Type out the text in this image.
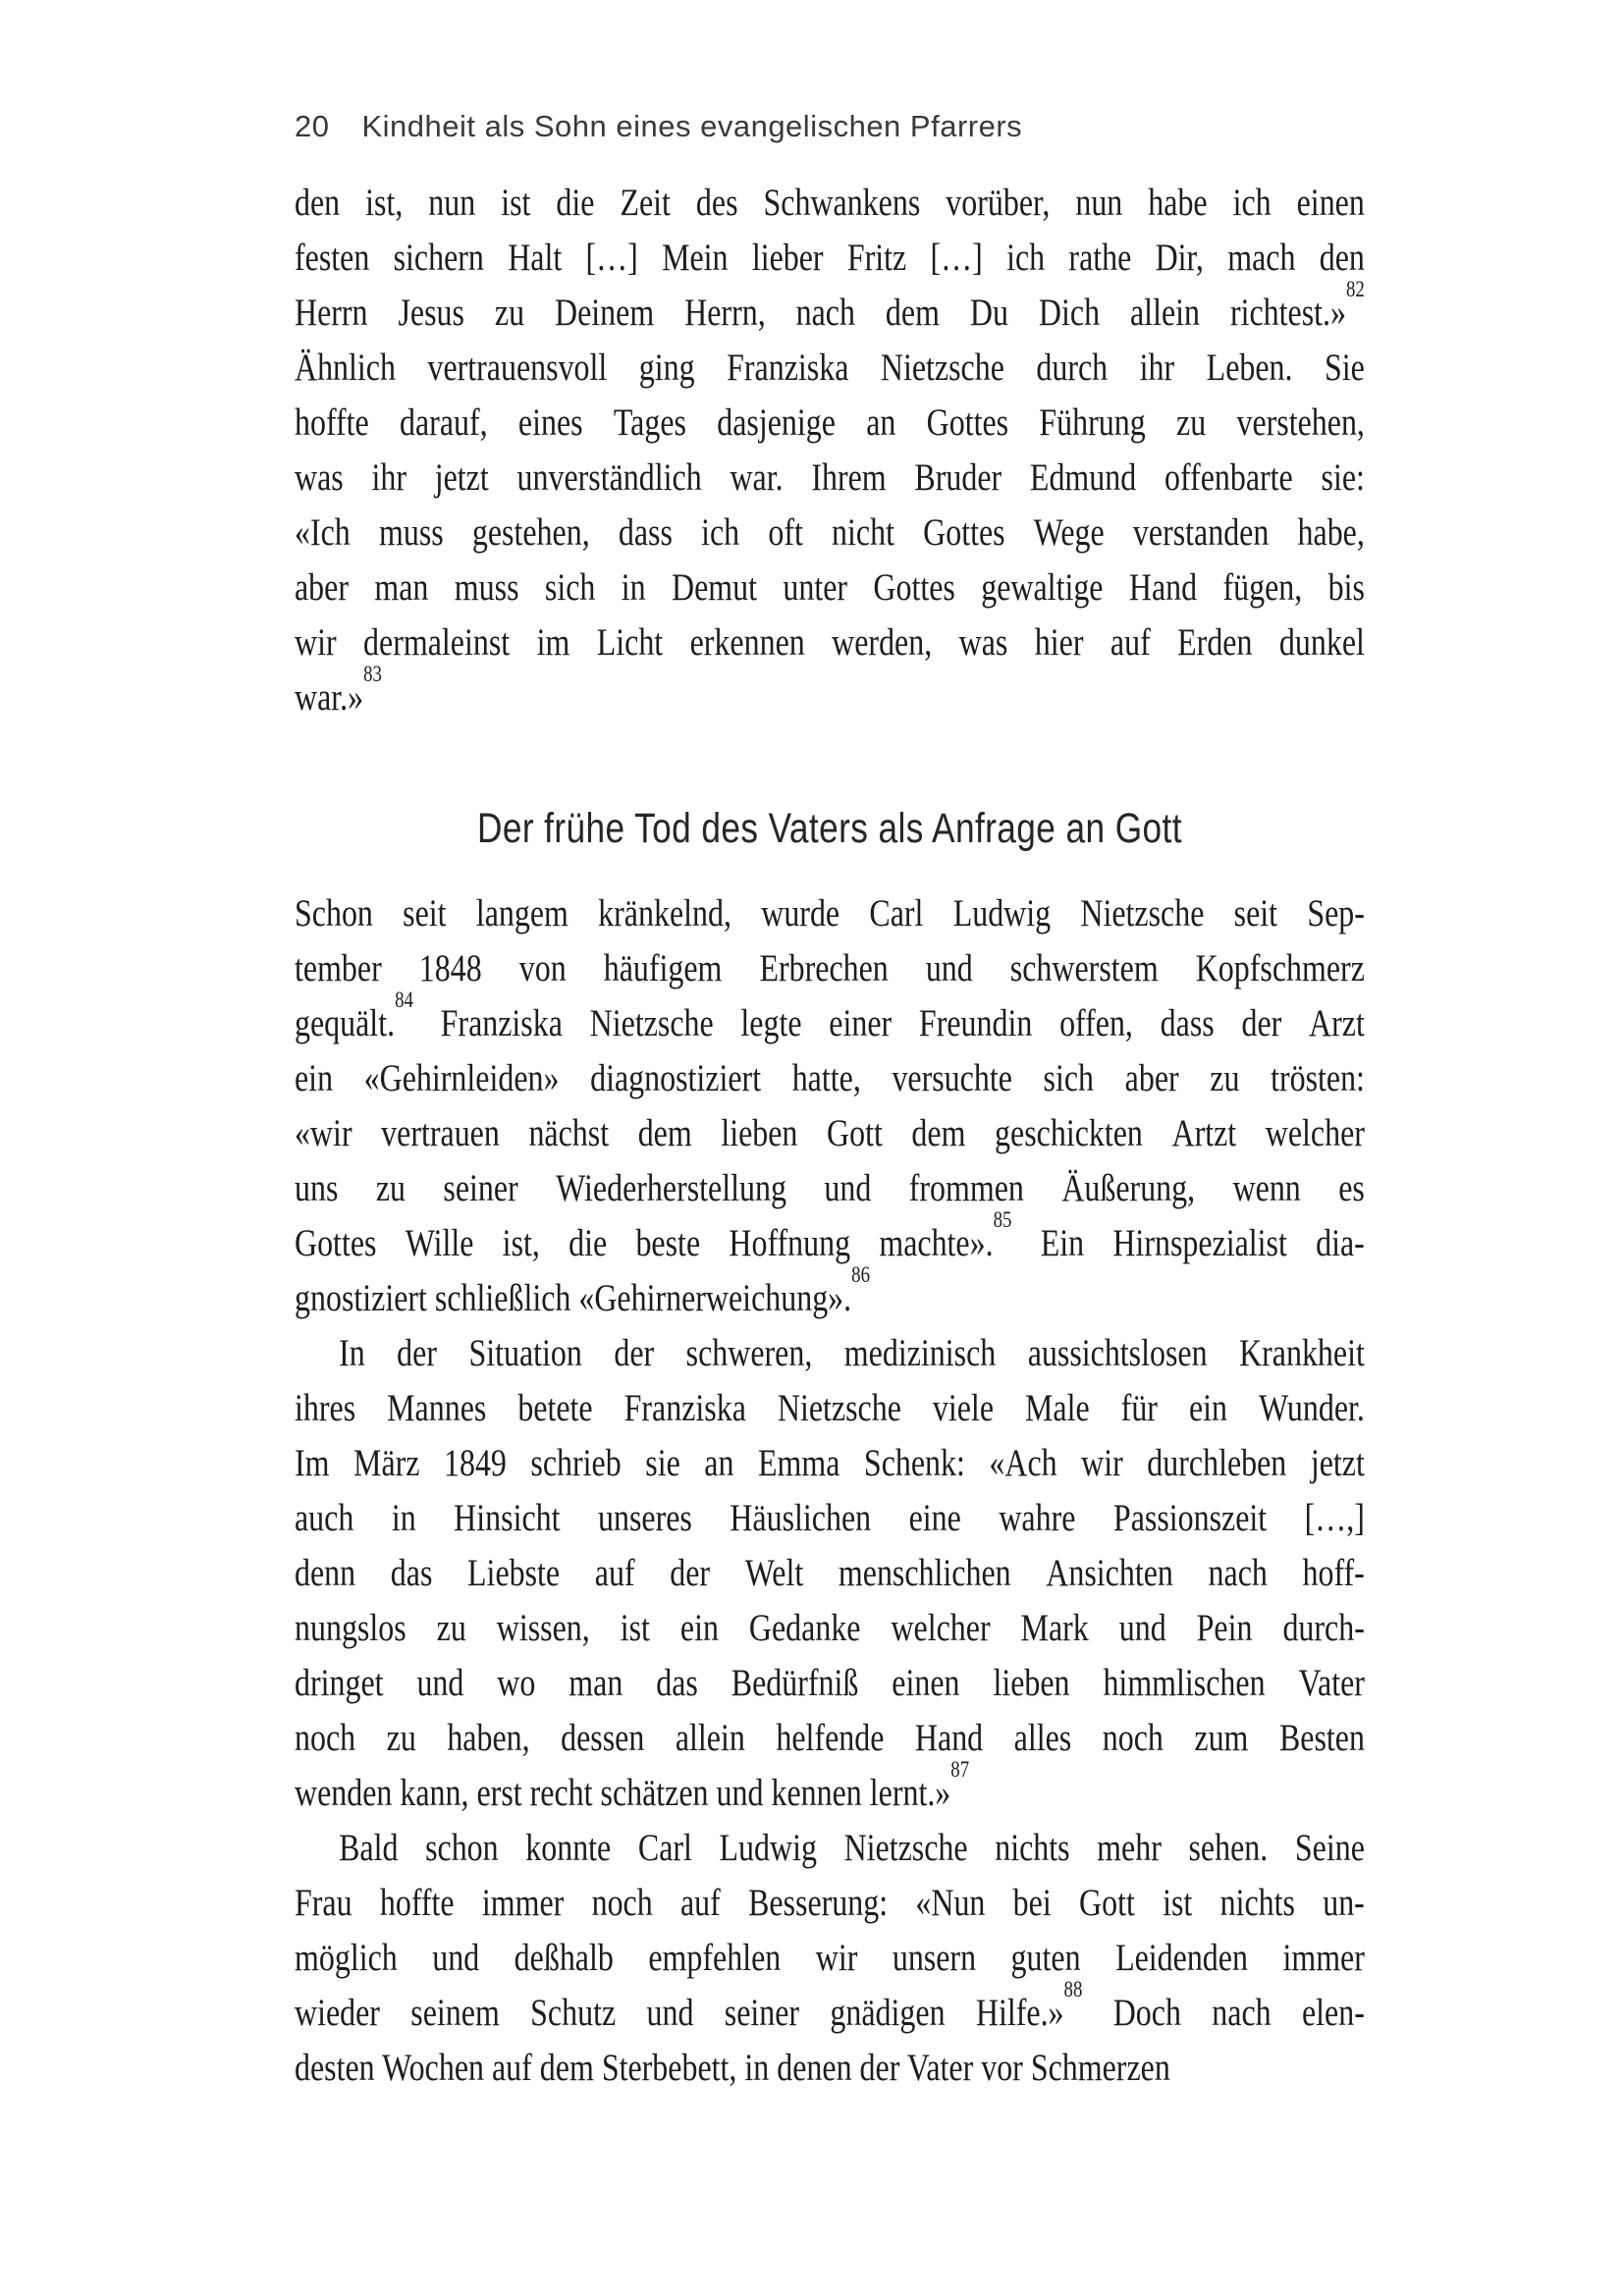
20 Kindheit als Sohn eines evangelischen Pfarrers
den ist, nun ist die Zeit des Schwankens vorüber, nun habe ich einen
festen sichern Halt […] Mein lieber Fritz […] ich rathe Dir, mach den
Herrn Jesus zu Deinem Herrn, nach dem Du Dich allein richtest.»$^{82}$
Ähnlich vertrauensvoll ging Franziska Nietzsche durch ihr Leben. Sie
hoffte darauf, eines Tages dasjenige an Gottes Führung zu verstehen,
was ihr jetzt unverständlich war. Ihrem Bruder Edmund offenbarte sie:
«Ich muss gestehen, dass ich oft nicht Gottes Wege verstanden habe,
aber man muss sich in Demut unter Gottes gewaltige Hand fügen, bis
wir dermaleinst im Licht erkennen werden, was hier auf Erden dunkel
war.»$^{83}$
Der frühe Tod des Vaters als Anfrage an Gott
Schon seit langem kränkelnd, wurde Carl Ludwig Nietzsche seit Sep-
tember 1848 von häufigem Erbrechen und schwerstem Kopfschmerz
gequält.$^{84}$
Franziska Nietzsche legte einer Freundin offen, dass der Arzt
ein «Gehirnleiden» diagnostiziert hatte, versuchte sich aber zu trösten:
«wir vertrauen nächst dem lieben Gott dem geschickten Artzt welcher
uns zu seiner Wiederherstellung und frommen Äußerung, wenn es
Gottes Wille ist, die beste Hoffnung machte».$^{85}$
Ein Hirnspezialist dia-
gnostiziert schließlich «Gehirnerweichung».$^{86}$
In der Situation der schweren, medizinisch aussichtslosen Krankheit
ihres Mannes betete Franziska Nietzsche viele Male für ein Wunder.
Im März 1849 schrieb sie an Emma Schenk: «Ach wir durchleben jetzt
auch in Hinsicht unseres Häuslichen eine wahre Passionszeit […,]
denn das Liebste auf der Welt menschlichen Ansichten nach hoff-
nungslos zu wissen, ist ein Gedanke welcher Mark und Pein durch-
dringet und wo man das Bedürfniß einen lieben himmlischen Vater
noch zu haben, dessen allein helfende Hand alles noch zum Besten
wenden kann, erst recht schätzen und kennen lernt.»$^{87}$
Bald schon konnte Carl Ludwig Nietzsche nichts mehr sehen. Seine
Frau hoffte immer noch auf Besserung: «Nun bei Gott ist nichts un-
möglich und deßhalb empfehlen wir unsern guten Leidenden immer
wieder seinem Schutz und seiner gnädigen Hilfe.»$^{88}$
Doch nach elen-
desten Wochen auf dem Sterbebett, in denen der Vater vor Schmerzen
